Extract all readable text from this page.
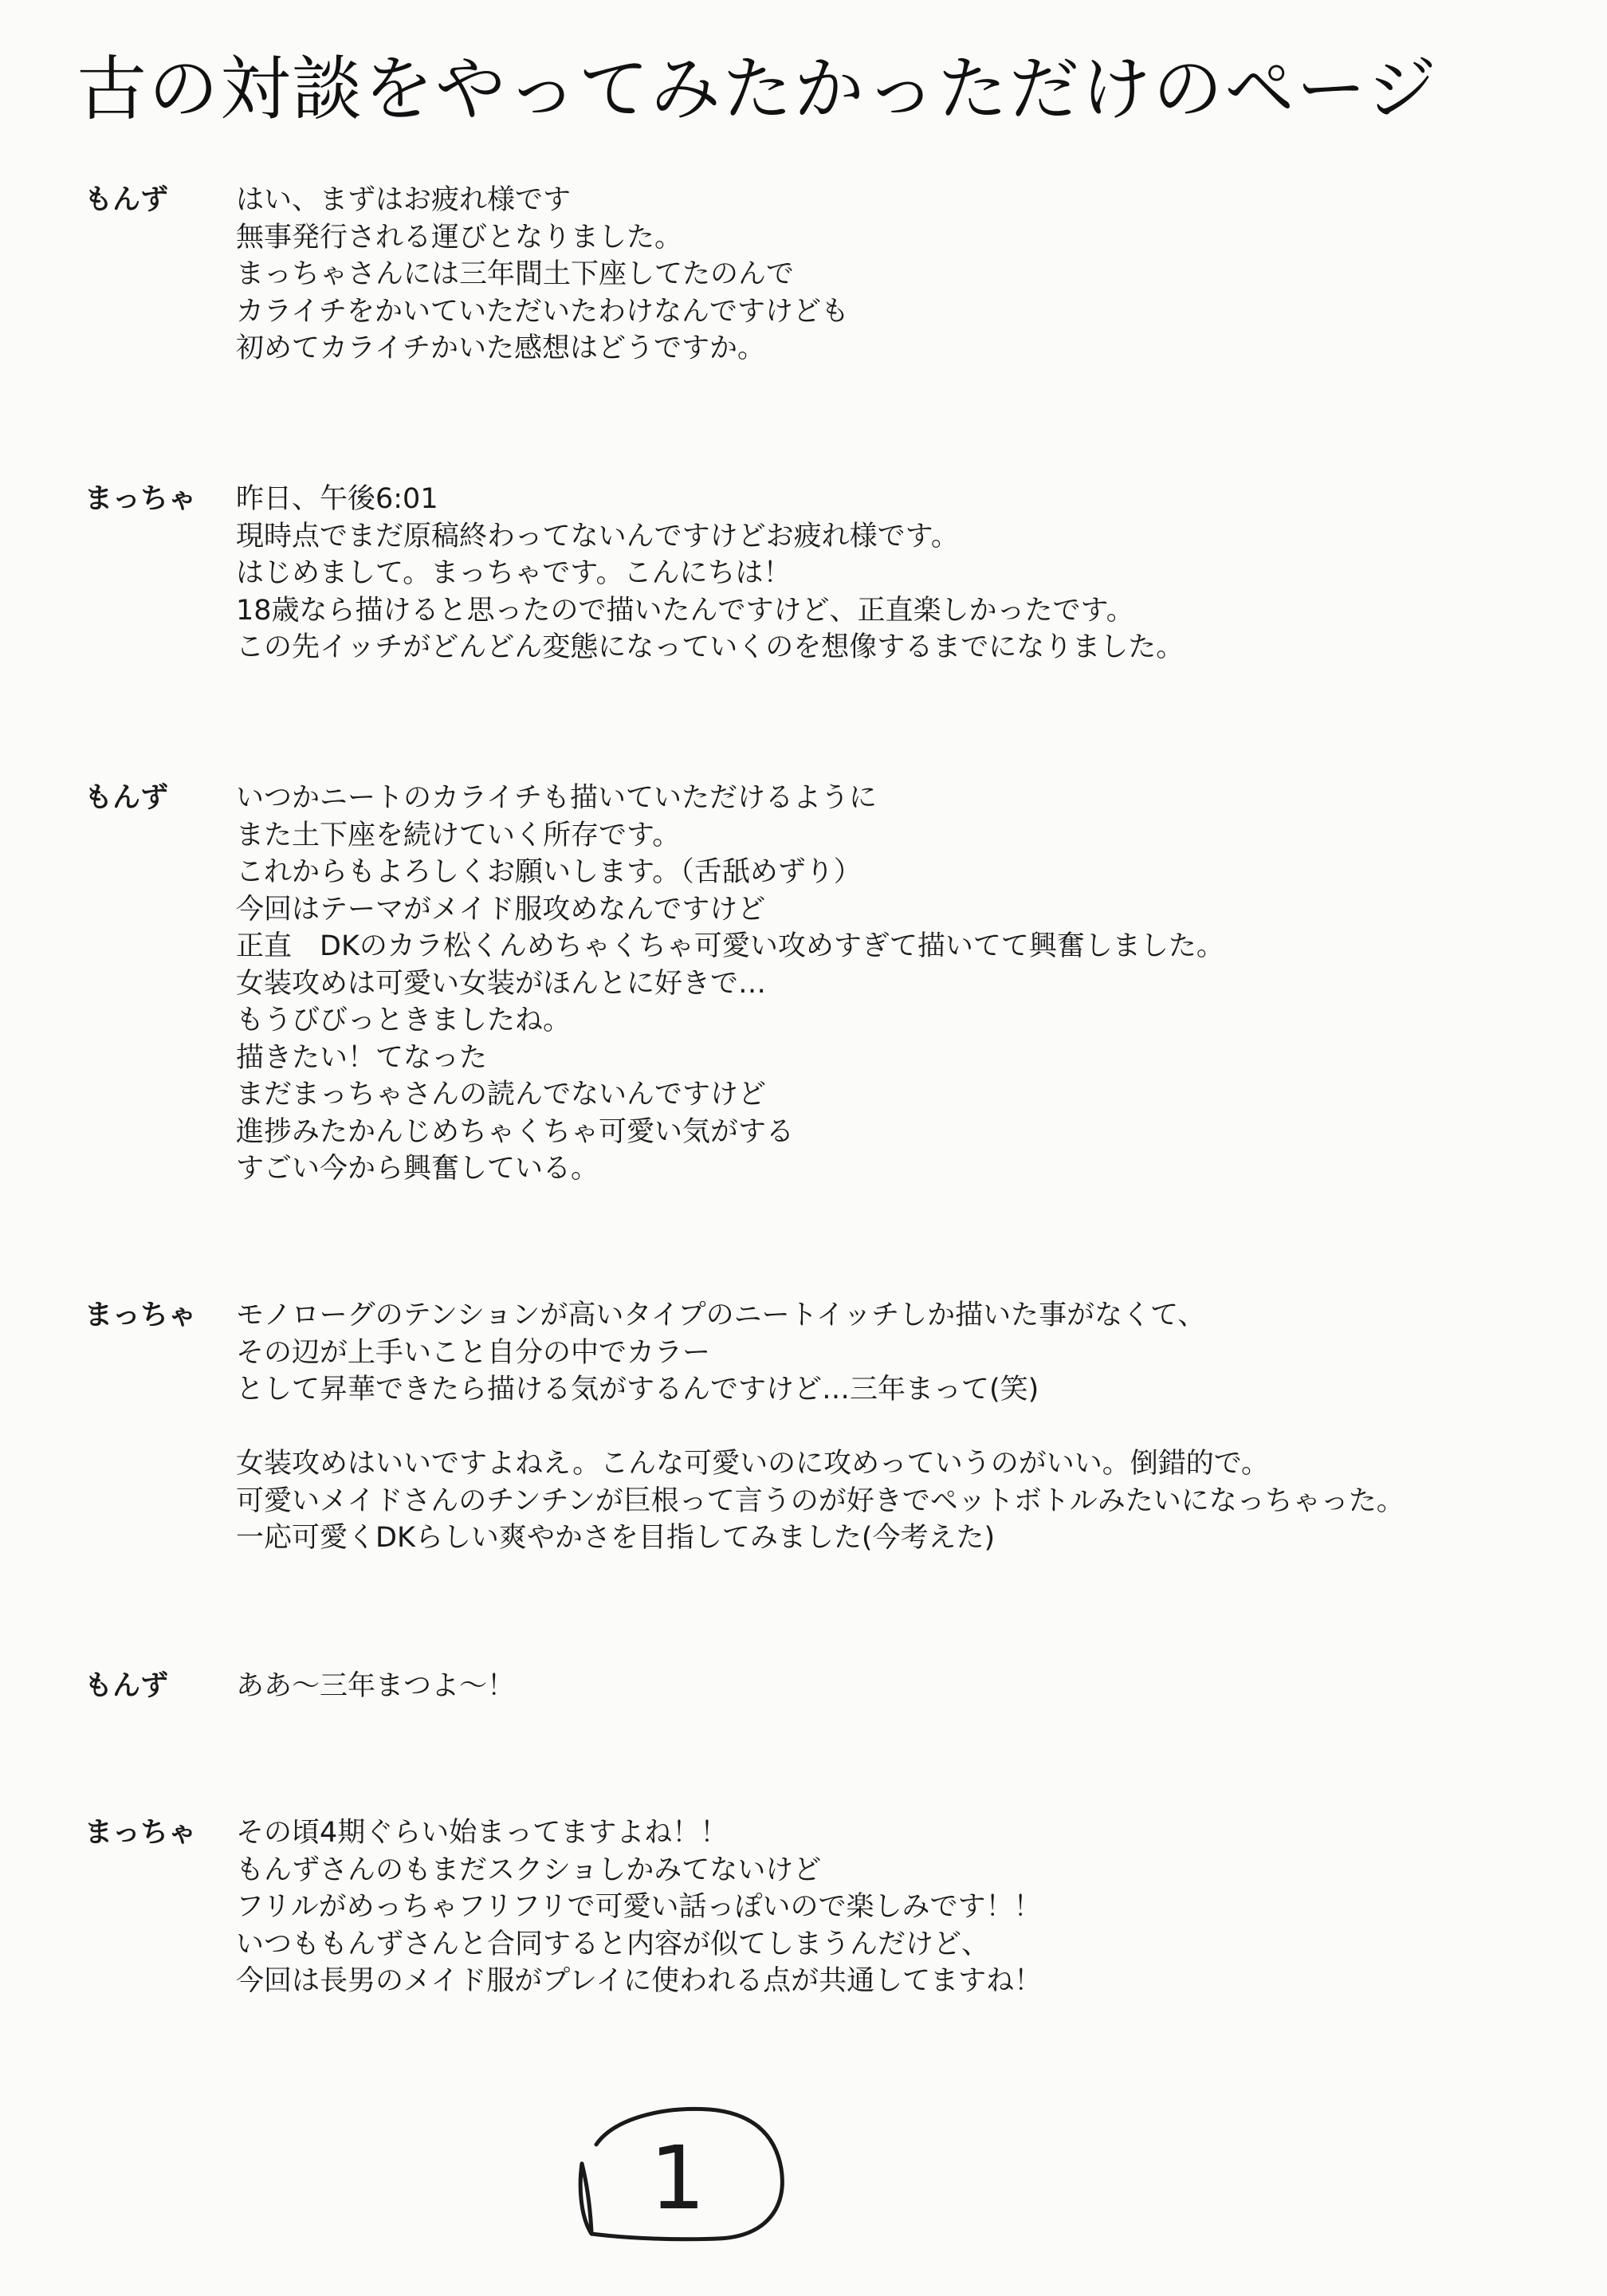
古の対談をやってみたかっただけのページ
もんず はい、まずはお疲れ様です
無事発行される運びとなりました。
まっちゃさんには三年間土下座してたのんで
カライチをかいていただいたわけなんですけども
初めてカライチかいた感想はどうですか。
まっちゃ 昨日、午後6:01
現時点でまだ原稿終わってないんですけどお疲れ様です。
はじめまして。まっちゃです。こんにちは！
18歳なら描けると思ったので描いたんですけど、正直楽しかったです。
この先イッチがどんどん変態になっていくのを想像するまでになりました。
もんず いつかニートのカライチも描いていただけるように
また土下座を続けていく所存です。
これからもよろしくお願いします。（舌舐めずり）
今回はテーマがメイド服攻めなんですけど
正直　DKのカラ松くんめちゃくちゃ可愛い攻めすぎて描いてて興奮しました。
女装攻めは可愛い女装がほんとに好きで…
もうびびっときましたね。
描きたい！てなった
まだまっちゃさんの読んでないんですけど
進捗みたかんじめちゃくちゃ可愛い気がする
すごい今から興奮している。
まっちゃ モノローグのテンションが高いタイプのニートイッチしか描いた事がなくて、
その辺が上手いこと自分の中でカラー
として昇華できたら描ける気がするんですけど…三年まって(笑)
女装攻めはいいですよねえ。こんな可愛いのに攻めっていうのがいい。倒錯的で。
可愛いメイドさんのチンチンが巨根って言うのが好きでペットボトルみたいになっちゃった。
一応可愛くDKらしい爽やかさを目指してみました(今考えた)
もんず ああ〜三年まつよ〜！
まっちゃ その頃4期ぐらい始まってますよね！！
もんずさんのもまだスクショしかみてないけど
フリルがめっちゃフリフリで可愛い話っぽいので楽しみです！！
いつももんずさんと合同すると内容が似てしまうんだけど、
今回は長男のメイド服がプレイに使われる点が共通してますね！
1
